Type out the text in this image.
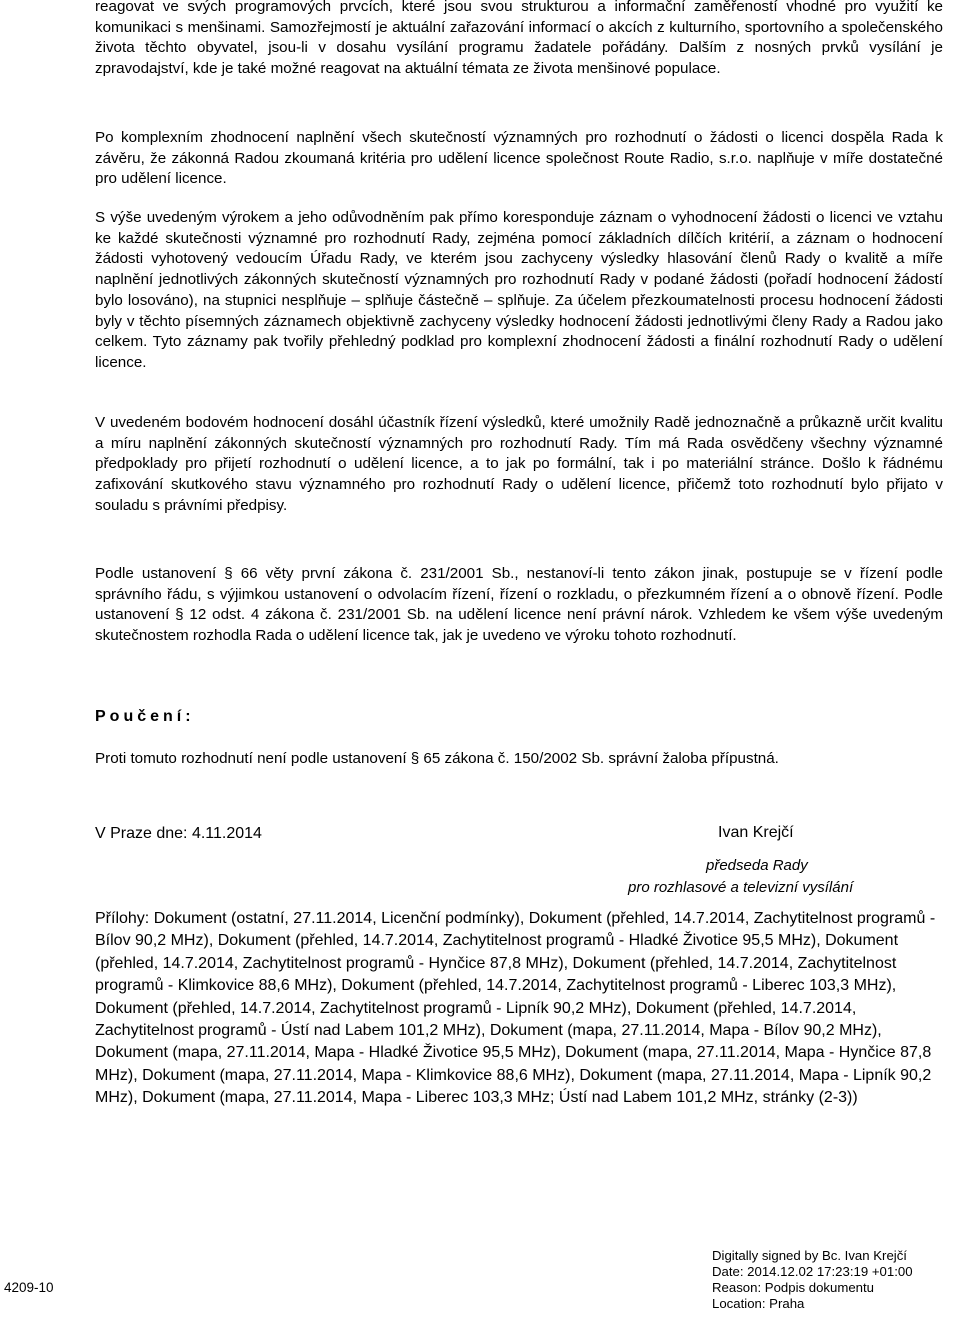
reagovat ve svých programových prvcích, které jsou svou strukturou a informační zaměřeností vhodné pro využití ke komunikaci s menšinami. Samozřejmostí je aktuální zařazování informací o akcích z kulturního, sportovního a společenského života těchto obyvatel, jsou-li v dosahu vysílání programu žadatele pořádány. Dalším z nosných prvků vysílání je zpravodajství, kde je také možné reagovat na aktuální témata ze života menšinové populace.

Po komplexním zhodnocení naplnění všech skutečností významných pro rozhodnutí o žádosti o licenci dospěla Rada k závěru, že zákonná Radou zkoumaná kritéria pro udělení licence společnost Route Radio, s.r.o. naplňuje v míře dostatečné pro udělení licence.

S výše uvedeným výrokem a jeho odůvodněním pak přímo koresponduje záznam o vyhodnocení žádosti o licenci ve vztahu ke každé skutečnosti významné pro rozhodnutí Rady, zejména pomocí základních dílčích kritérií, a záznam o hodnocení žádosti vyhotovený vedoucím Úřadu Rady, ve kterém jsou zachyceny výsledky hlasování členů Rady o kvalitě a míře naplnění jednotlivých zákonných skutečností významných pro rozhodnutí Rady v podané žádosti (pořadí hodnocení žádostí bylo losováno), na stupnici nesplňuje – splňuje částečně – splňuje. Za účelem přezkoumatelnosti procesu hodnocení žádosti byly v těchto písemných záznamech objektivně zachyceny výsledky hodnocení žádosti jednotlivými členy Rady a Radou jako celkem. Tyto záznamy pak tvořily přehledný podklad pro komplexní zhodnocení žádosti a finální rozhodnutí Rady o udělení licence.

V uvedeném bodovém hodnocení dosáhl účastník řízení výsledků, které umožnily Radě jednoznačně a průkazně určit kvalitu a míru naplnění zákonných skutečností významných pro rozhodnutí Rady. Tím má Rada osvědčeny všechny významné předpoklady pro přijetí rozhodnutí o udělení licence, a to jak po formální, tak i po materiální stránce. Došlo k řádnému zafixování skutkového stavu významného pro rozhodnutí Rady o udělení licence, přičemž toto rozhodnutí bylo přijato v souladu s právními předpisy.

Podle ustanovení § 66 věty první zákona č. 231/2001 Sb., nestanoví-li tento zákon jinak, postupuje se v řízení podle správního řádu, s výjimkou ustanovení o odvolacím řízení, řízení o rozkladu, o přezkumném řízení a o obnově řízení. Podle ustanovení § 12 odst. 4 zákona č. 231/2001 Sb. na udělení licence není právní nárok. Vzhledem ke všem výše uvedeným skutečnostem rozhodla Rada o udělení licence tak, jak je uvedeno ve výroku tohoto rozhodnutí.

Poučení:

Proti tomuto rozhodnutí není podle ustanovení § 65 zákona č. 150/2002 Sb. správní žaloba přípustná.

V Praze dne: 4.11.2014	Ivan Krejčí
předseda Rady
pro rozhlasové a televizní vysílání

Přílohy: Dokument (ostatní, 27.11.2014, Licenční podmínky), Dokument (přehled, 14.7.2014, Zachytitelnost programů - Bílov 90,2 MHz), Dokument (přehled, 14.7.2014, Zachytitelnost programů - Hladké Životice 95,5 MHz), Dokument (přehled, 14.7.2014, Zachytitelnost programů - Hynčice 87,8 MHz), Dokument (přehled, 14.7.2014, Zachytitelnost programů - Klimkovice 88,6 MHz), Dokument (přehled, 14.7.2014, Zachytitelnost programů - Liberec 103,3 MHz), Dokument (přehled, 14.7.2014, Zachytitelnost programů - Lipník 90,2 MHz), Dokument (přehled, 14.7.2014, Zachytitelnost programů - Ústí nad Labem 101,2 MHz), Dokument (mapa, 27.11.2014, Mapa - Bílov 90,2 MHz), Dokument (mapa, 27.11.2014, Mapa - Hladké Životice 95,5 MHz), Dokument (mapa, 27.11.2014, Mapa - Hynčice 87,8 MHz), Dokument (mapa, 27.11.2014, Mapa - Klimkovice 88,6 MHz), Dokument (mapa, 27.11.2014, Mapa - Lipník 90,2 MHz), Dokument (mapa, 27.11.2014, Mapa - Liberec 103,3 MHz; Ústí nad Labem 101,2 MHz, stránky (2-3))

Digitally signed by Bc. Ivan Krejčí
Date: 2014.12.02 17:23:19 +01:00
Reason: Podpis dokumentu
Location: Praha
4209-10
